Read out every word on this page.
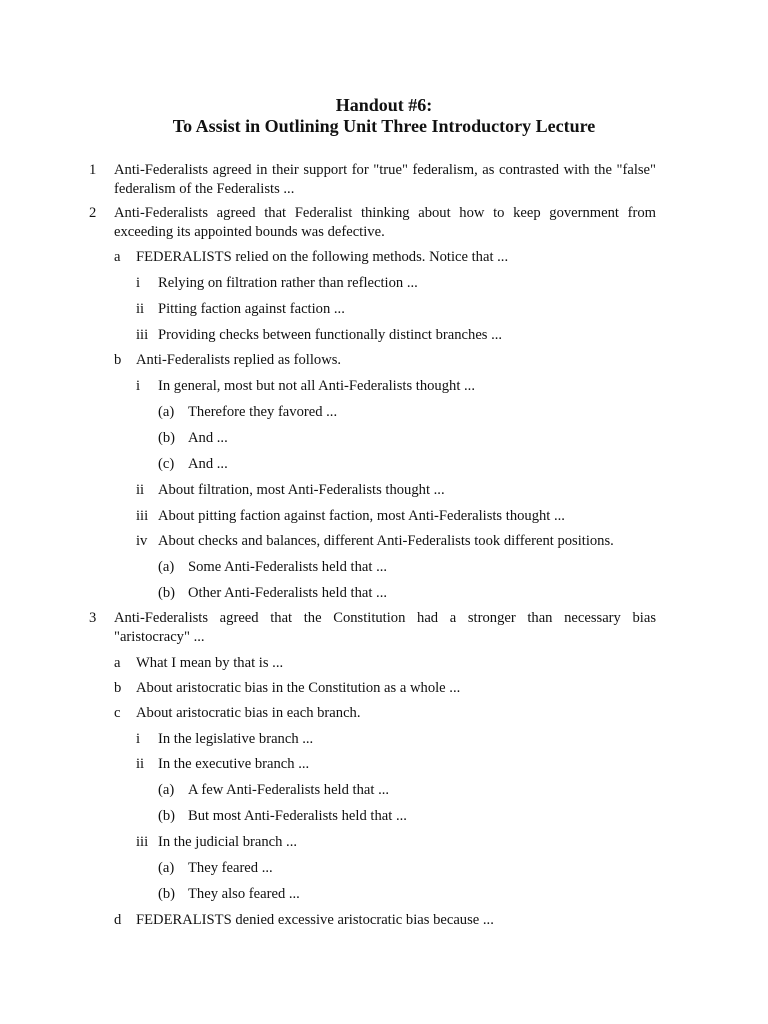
Handout #6:
To Assist in Outlining Unit Three Introductory Lecture
1 Anti-Federalists agreed in their support for "true" federalism, as contrasted with the "false"
federalism of the Federalists ...
2 Anti-Federalists agreed that Federalist thinking about how to keep government from
exceeding its appointed bounds was defective.
a FEDERALISTS relied on the following methods. Notice that ...
i Relying on filtration rather than reflection ...
ii Pitting faction against faction ...
iii Providing checks between functionally distinct branches ...
b Anti-Federalists replied as follows.
i In general, most but not all Anti-Federalists thought ...
(a) Therefore they favored ...
(b) And ...
(c) And ...
ii About filtration, most Anti-Federalists thought ...
iii About pitting faction against faction, most Anti-Federalists thought ...
iv About checks and balances, different Anti-Federalists took different positions.
(a) Some Anti-Federalists held that ...
(b) Other Anti-Federalists held that ...
3 Anti-Federalists agreed that the Constitution had a stronger than necessary bias
"aristocracy" ...
a What I mean by that is ...
b About aristocratic bias in the Constitution as a whole ...
c About aristocratic bias in each branch.
i In the legislative branch ...
ii In the executive branch ...
(a) A few Anti-Federalists held that ...
(b) But most Anti-Federalists held that ...
iii In the judicial branch ...
(a) They feared ...
(b) They also feared ...
d FEDERALISTS denied excessive aristocratic bias because ...
